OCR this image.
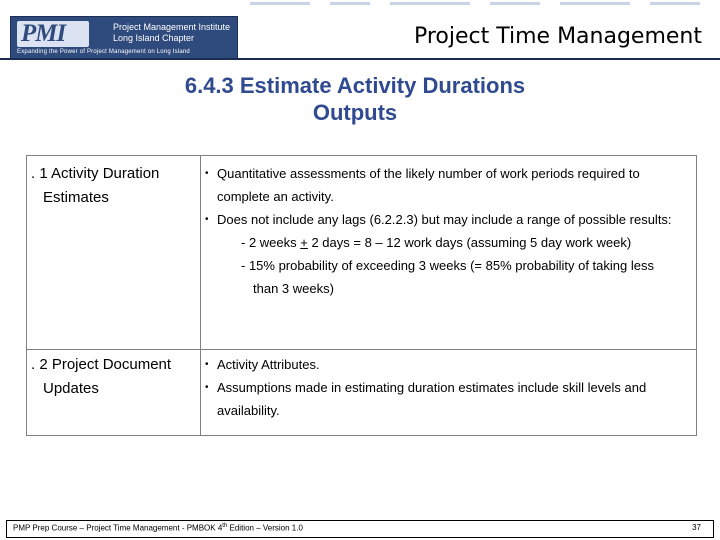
PMI	Project Management Institute
Long Island Chapter
Expanding the Power of Project Management on Long Island
Project Time Management
6.4.3 Estimate Activity Durations
Outputs
. 1 Activity Duration
Estimates
• Quantitative assessments of the likely number of work periods required to complete an activity.
• Does not include any lags (6.2.2.3) but may include a range of possible results:
- 2 weeks + 2 days = 8 – 12 work days (assuming 5 day work week)
- 15% probability of exceeding 3 weeks (= 85% probability of taking less
than 3 weeks)
. 2 Project Document
Updates
• Activity Attributes.
• Assumptions made in estimating duration estimates include skill levels and availability.
PMP Prep Course – Project Time Management - PMBOK 4th Edition – Version 1.0	37
